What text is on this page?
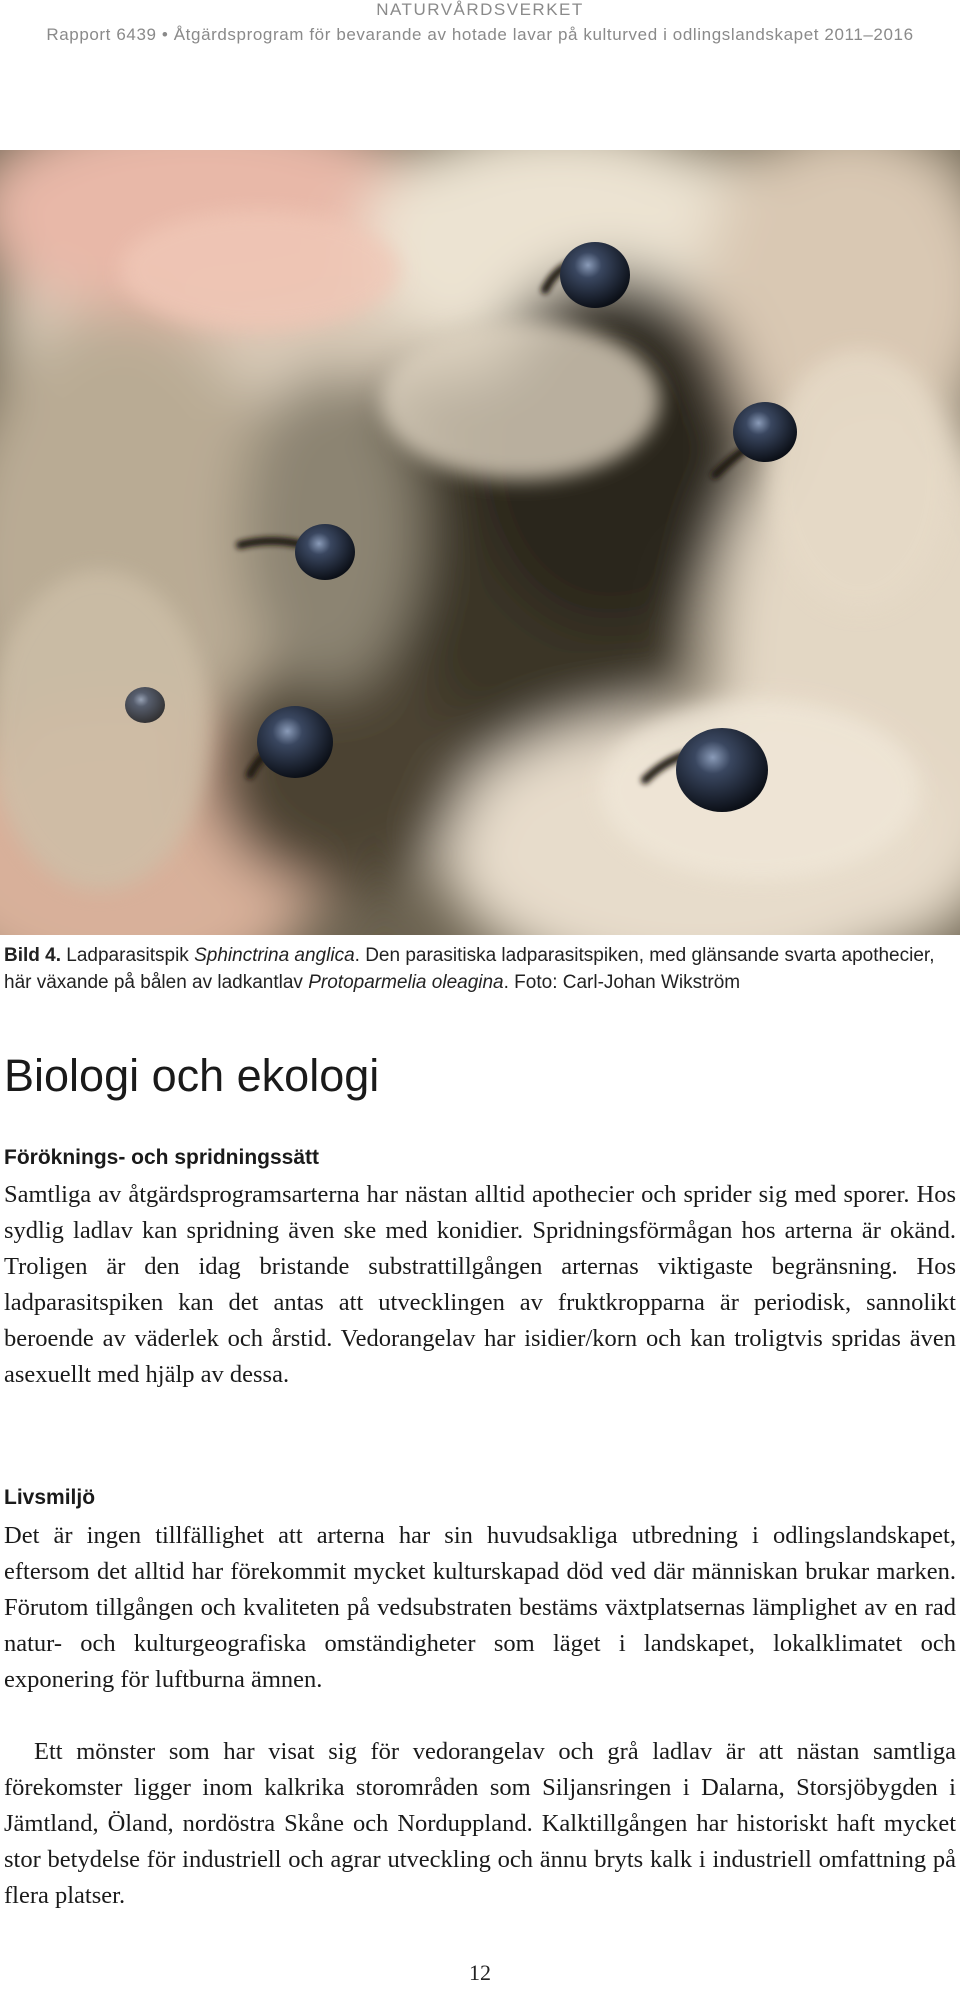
NATURVÅRDSVERKET
Rapport 6439 • Åtgärdsprogram för bevarande av hotade lavar på kulturved i odlingslandskapet 2011–2016
Bild 4. Ladparasitspik Sphinctrina anglica. Den parasitiska ladparasitspiken, med glänsande svarta apothecier, här växande på bålen av ladkantlav Protoparmelia oleagina. Foto: Carl-Johan Wikström
Biologi och ekologi
Föröknings- och spridningssätt

Samtliga av åtgärdsprogramsarterna har nästan alltid apothecier och sprider sig med sporer. Hos sydlig ladlav kan spridning även ske med konidier. Spridningsförmågan hos arterna är okänd. Troligen är den idag bristande substrattillgången arternas viktigaste begränsning. Hos ladparasitspiken kan det antas att utvecklingen av fruktkropparna är periodisk, sannolikt beroende av väderlek och årstid. Vedorangelav har isidier/korn och kan troligtvis spridas även asexuellt med hjälp av dessa.

Livsmiljö

Det är ingen tillfällighet att arterna har sin huvudsakliga utbredning i odlingslandskapet, eftersom det alltid har förekommit mycket kulturskapad död ved där människan brukar marken. Förutom tillgången och kvaliteten på vedsubstraten bestäms växtplatsernas lämplighet av en rad natur- och kulturgeografiska omständigheter som läget i landskapet, lokalklimatet och exponering för luftburna ämnen.

Ett mönster som har visat sig för vedorangelav och grå ladlav är att nästan samtliga förekomster ligger inom kalkrika storområden som Siljansringen i Dalarna, Storsjöbygden i Jämtland, Öland, nordöstra Skåne och Norduppland. Kalktillgången har historiskt haft mycket stor betydelse för industriell och agrar utveckling och ännu bryts kalk i industriell omfattning på flera platser.

12
